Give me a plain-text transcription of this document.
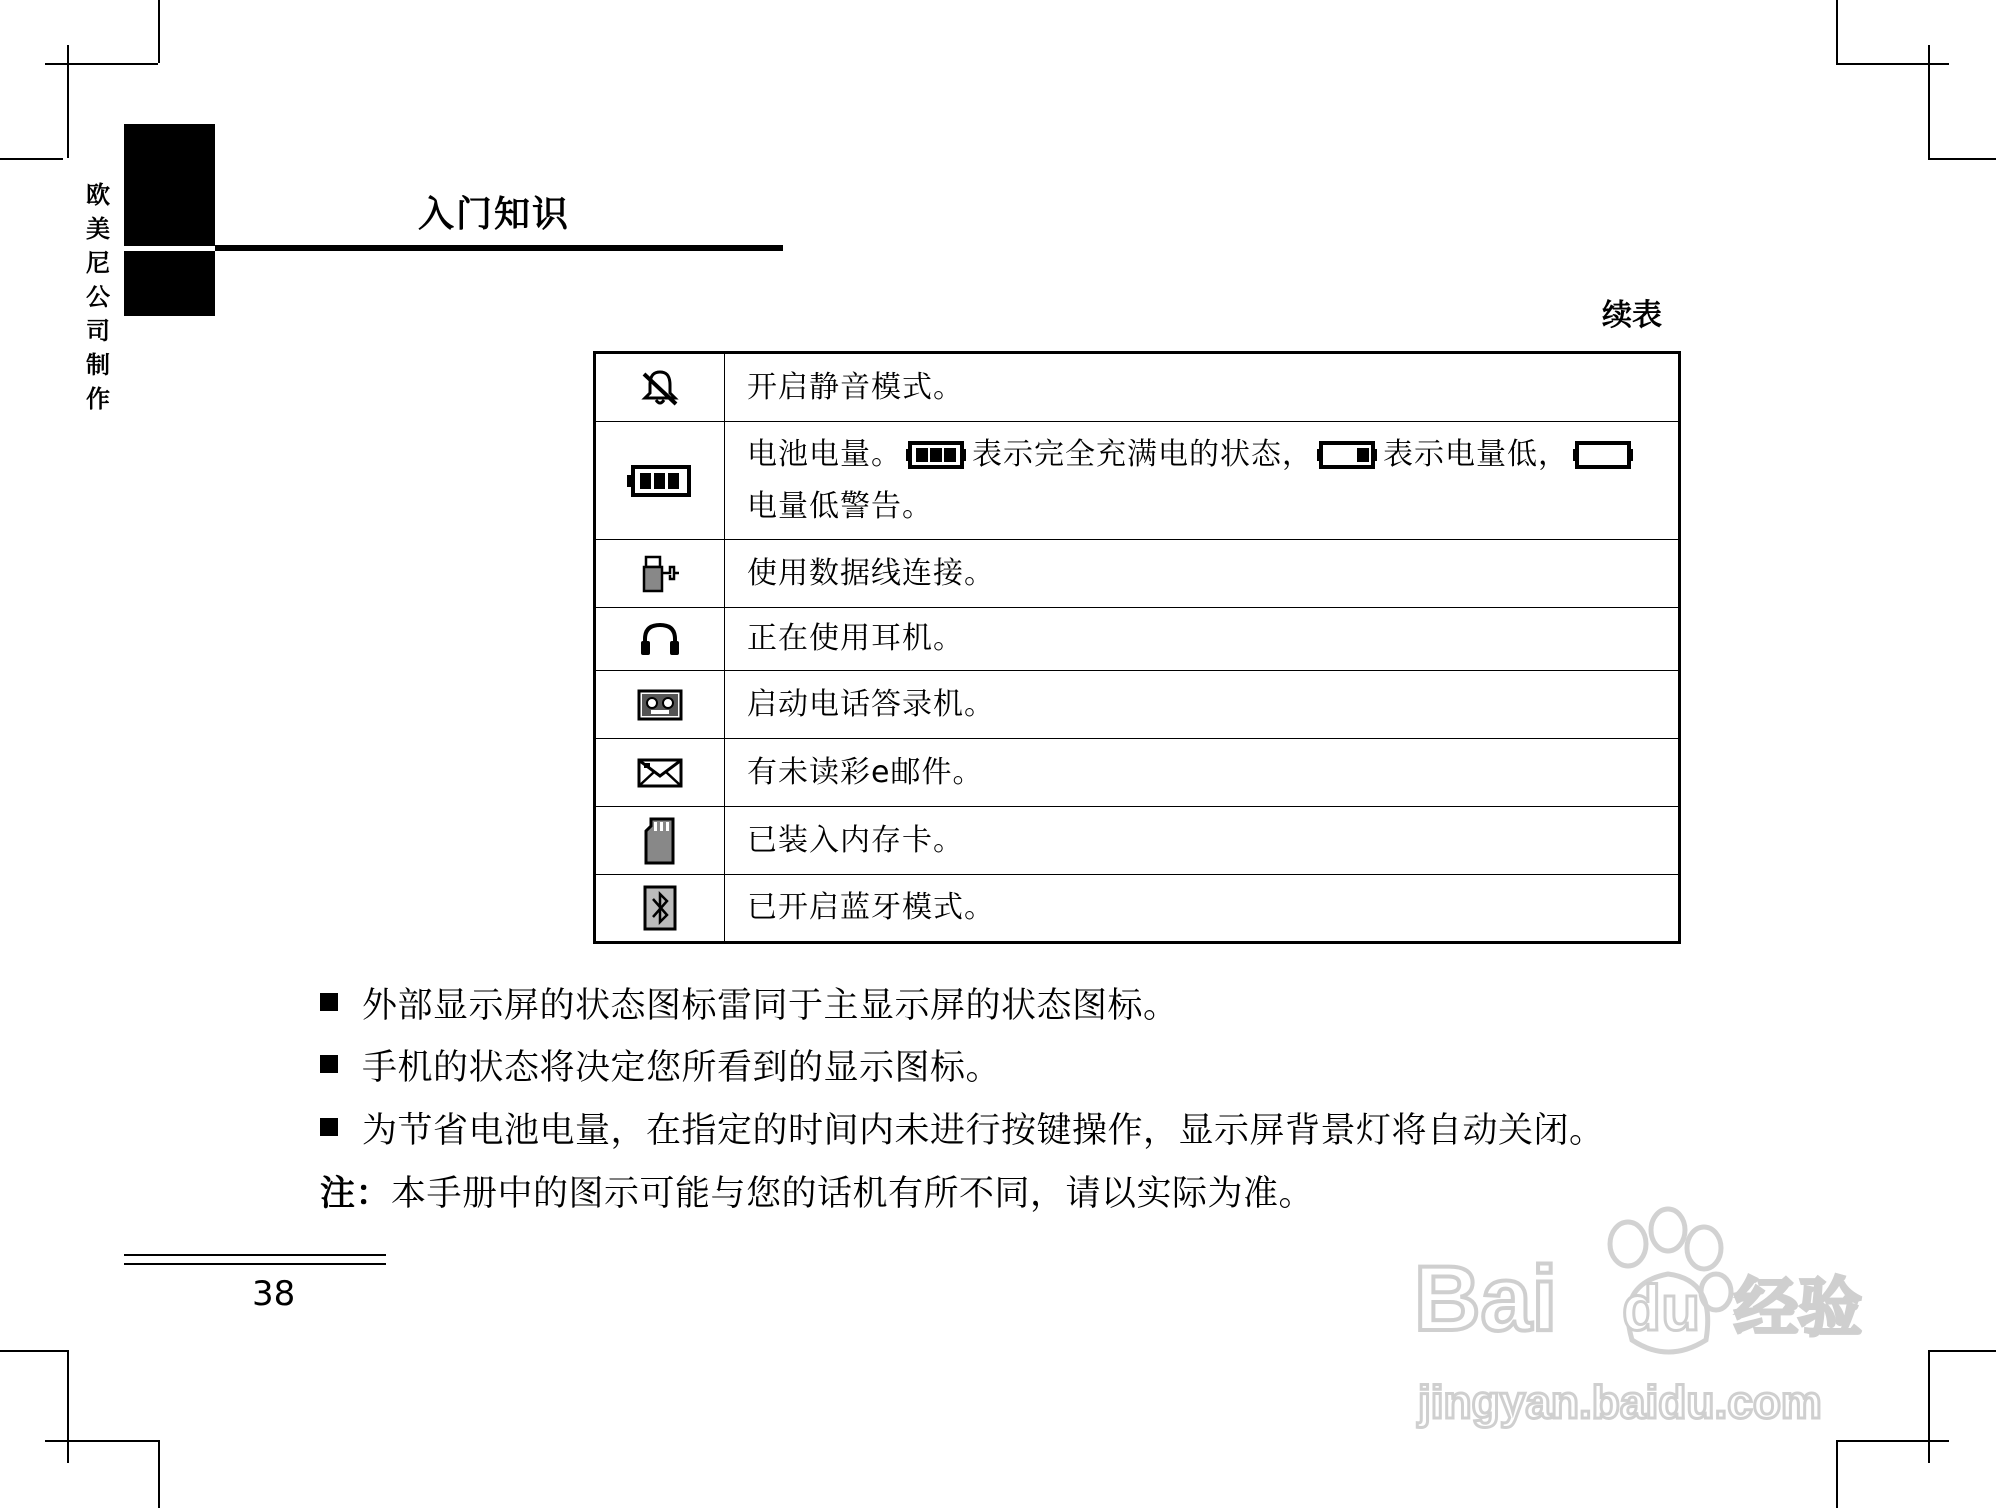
欧
美
尼
公
司
制
作
入门知识
续表
	开启静音模式。

	电池电量。 表示完全充满电的状态， 表示电量低，电量低警告。

	使用数据线连接。

	正在使用耳机。

	启动电话答录机。

	有未读彩e邮件。

	已装入内存卡。

	已开启蓝牙模式。
外部显示屏的状态图标雷同于主显示屏的状态图标。
手机的状态将决定您所看到的显示图标。
为节省电池电量，在指定的时间内未进行按键操作，显示屏背景灯将自动关闭。
注：本手册中的图示可能与您的话机有所不同，请以实际为准。
38	Bai du 经验
jingyan.baidu.com
